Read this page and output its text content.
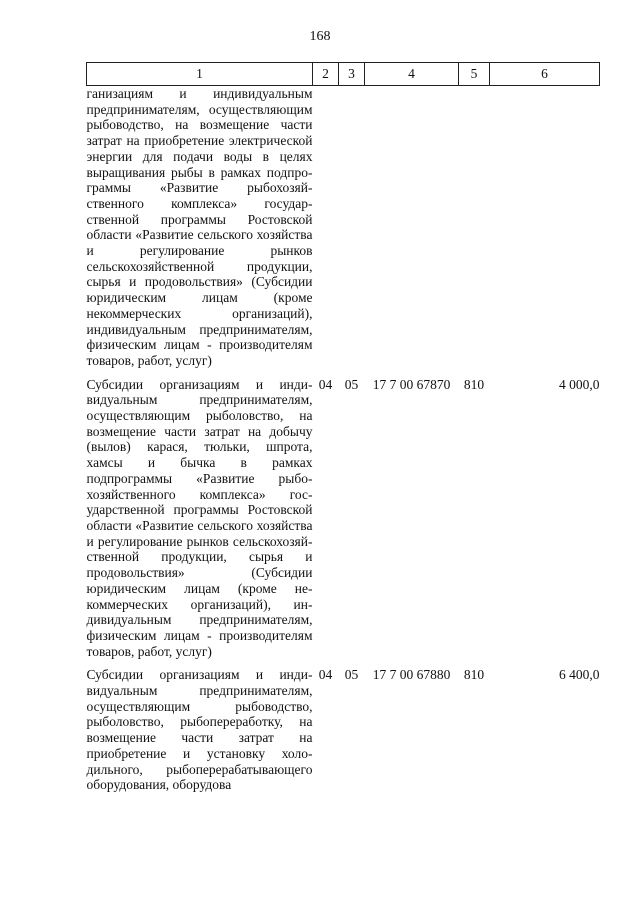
168
1	2	3	4	5	6
ганизациям и индивидуальным предпринимателям, осуществляющим рыбоводство, на возмещение части затрат на приобретение электрической энергии для подачи воды в целях выращивания рыбы в рамках подпрограммы «Развитие рыбохозяйственного комплекса» государственной программы Ростовской области «Развитие сельского хозяйства и регулирование рынков сельскохозяйственной продукции, сырья и продовольствия» (Субсидии юридическим лицам (кроме некоммерческих организаций), индивидуальным предпринимателям, физическим лицам - производителям товаров, работ, услуг)					

Субсидии организациям и индивидуальным предпринимателям, осуществляющим рыболовство, на возмещение части затрат на добычу (вылов) карася, тюльки, шпрота, хамсы и бычка в рамках подпрограммы «Развитие рыбохозяйственного комплекса» государственной программы Ростовской области «Развитие сельского хозяйства и регулирование рынков сельскохозяйственной продукции, сырья и продовольствия» (Субсидии юридическим лицам (кроме некоммерческих организаций), индивидуальным предпринимателям, физическим лицам - производителям товаров, работ, услуг)	04	05	17 7 00 67870	810	4 000,0

Субсидии организациям и индивидуальным предпринимателям, осуществляющим рыбоводство, рыболовство, рыбопереработку, на возмещение части затрат на приобретение и установку холодильного, рыбоперерабатывающего оборудования, оборудова	04	05	17 7 00 67880	810	6 400,0
